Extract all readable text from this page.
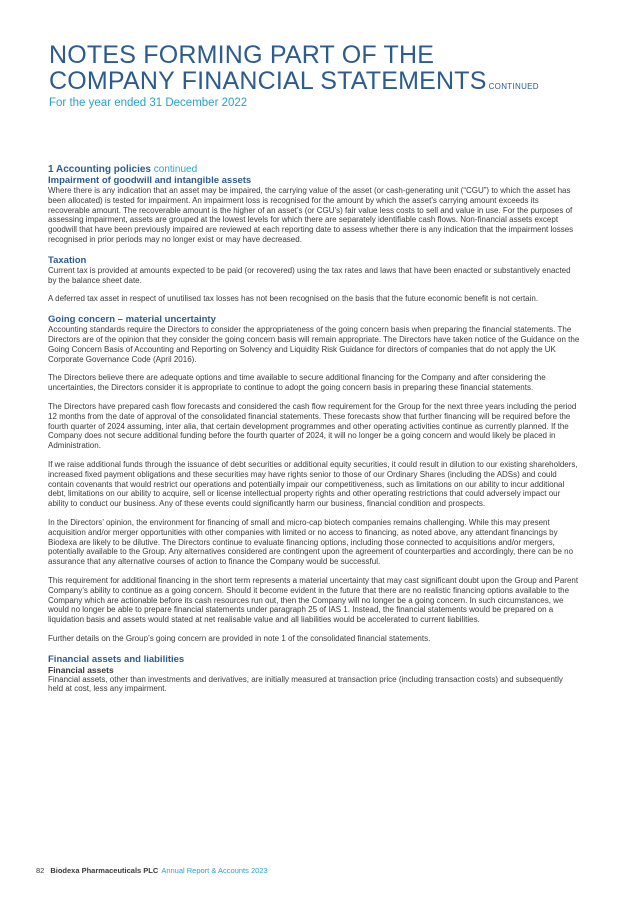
NOTES FORMING PART OF THE
COMPANY FINANCIAL STATEMENTS CONTINUED
For the year ended 31 December 2022
1 Accounting policies continued
Impairment of goodwill and intangible assets

Where there is any indication that an asset may be impaired, the carrying value of the asset (or cash-generating unit (“CGU”) to which the asset has been allocated) is tested for impairment. An impairment loss is recognised for the amount by which the asset’s carrying amount exceeds its recoverable amount. The recoverable amount is the higher of an asset’s (or CGU’s) fair value less costs to sell and value in use. For the purposes of assessing impairment, assets are grouped at the lowest levels for which there are separately identifiable cash flows. Non-financial assets except goodwill that have been previously impaired are reviewed at each reporting date to assess whether there is any indication that the impairment losses recognised in prior periods may no longer exist or may have decreased.

Taxation

Current tax is provided at amounts expected to be paid (or recovered) using the tax rates and laws that have been enacted or substantively enacted by the balance sheet date.

A deferred tax asset in respect of unutilised tax losses has not been recognised on the basis that the future economic benefit is not certain.

Going concern – material uncertainty

Accounting standards require the Directors to consider the appropriateness of the going concern basis when preparing the financial statements. The Directors are of the opinion that they consider the going concern basis will remain appropriate. The Directors have taken notice of the Guidance on the Going Concern Basis of Accounting and Reporting on Solvency and Liquidity Risk Guidance for directors of companies that do not apply the UK Corporate Governance Code (April 2016).

The Directors believe there are adequate options and time available to secure additional financing for the Company and after considering the uncertainties, the Directors consider it is appropriate to continue to adopt the going concern basis in preparing these financial statements.

The Directors have prepared cash flow forecasts and considered the cash flow requirement for the Group for the next three years including the period 12 months from the date of approval of the consolidated financial statements. These forecasts show that further financing will be required before the fourth quarter of 2024 assuming, inter alia, that certain development programmes and other operating activities continue as currently planned. If the Company does not secure additional funding before the fourth quarter of 2024, it will no longer be a going concern and would likely be placed in Administration.

If we raise additional funds through the issuance of debt securities or additional equity securities, it could result in dilution to our existing shareholders, increased fixed payment obligations and these securities may have rights senior to those of our Ordinary Shares (including the ADSs) and could contain covenants that would restrict our operations and potentially impair our competitiveness, such as limitations on our ability to incur additional debt, limitations on our ability to acquire, sell or license intellectual property rights and other operating restrictions that could adversely impact our ability to conduct our business. Any of these events could significantly harm our business, financial condition and prospects.

In the Directors’ opinion, the environment for financing of small and micro-cap biotech companies remains challenging. While this may present acquisition and/or merger opportunities with other companies with limited or no access to financing, as noted above, any attendant financings by Biodexa are likely to be dilutive. The Directors continue to evaluate financing options, including those connected to acquisitions and/or mergers, potentially available to the Group. Any alternatives considered are contingent upon the agreement of counterparties and accordingly, there can be no assurance that any alternative courses of action to finance the Company would be successful.

This requirement for additional financing in the short term represents a material uncertainty that may cast significant doubt upon the Group and Parent Company’s ability to continue as a going concern. Should it become evident in the future that there are no realistic financing options available to the Company which are actionable before its cash resources run out, then the Company will no longer be a going concern. In such circumstances, we would no longer be able to prepare financial statements under paragraph 25 of IAS 1. Instead, the financial statements would be prepared on a liquidation basis and assets would stated at net realisable value and all liabilities would be accelerated to current liabilities.

Further details on the Group’s going concern are provided in note 1 of the consolidated financial statements.

Financial assets and liabilities
Financial assets

Financial assets, other than investments and derivatives, are initially measured at transaction price (including transaction costs) and subsequently held at cost, less any impairment.

82 Biodexa Pharmaceuticals PLC Annual Report & Accounts 2023
